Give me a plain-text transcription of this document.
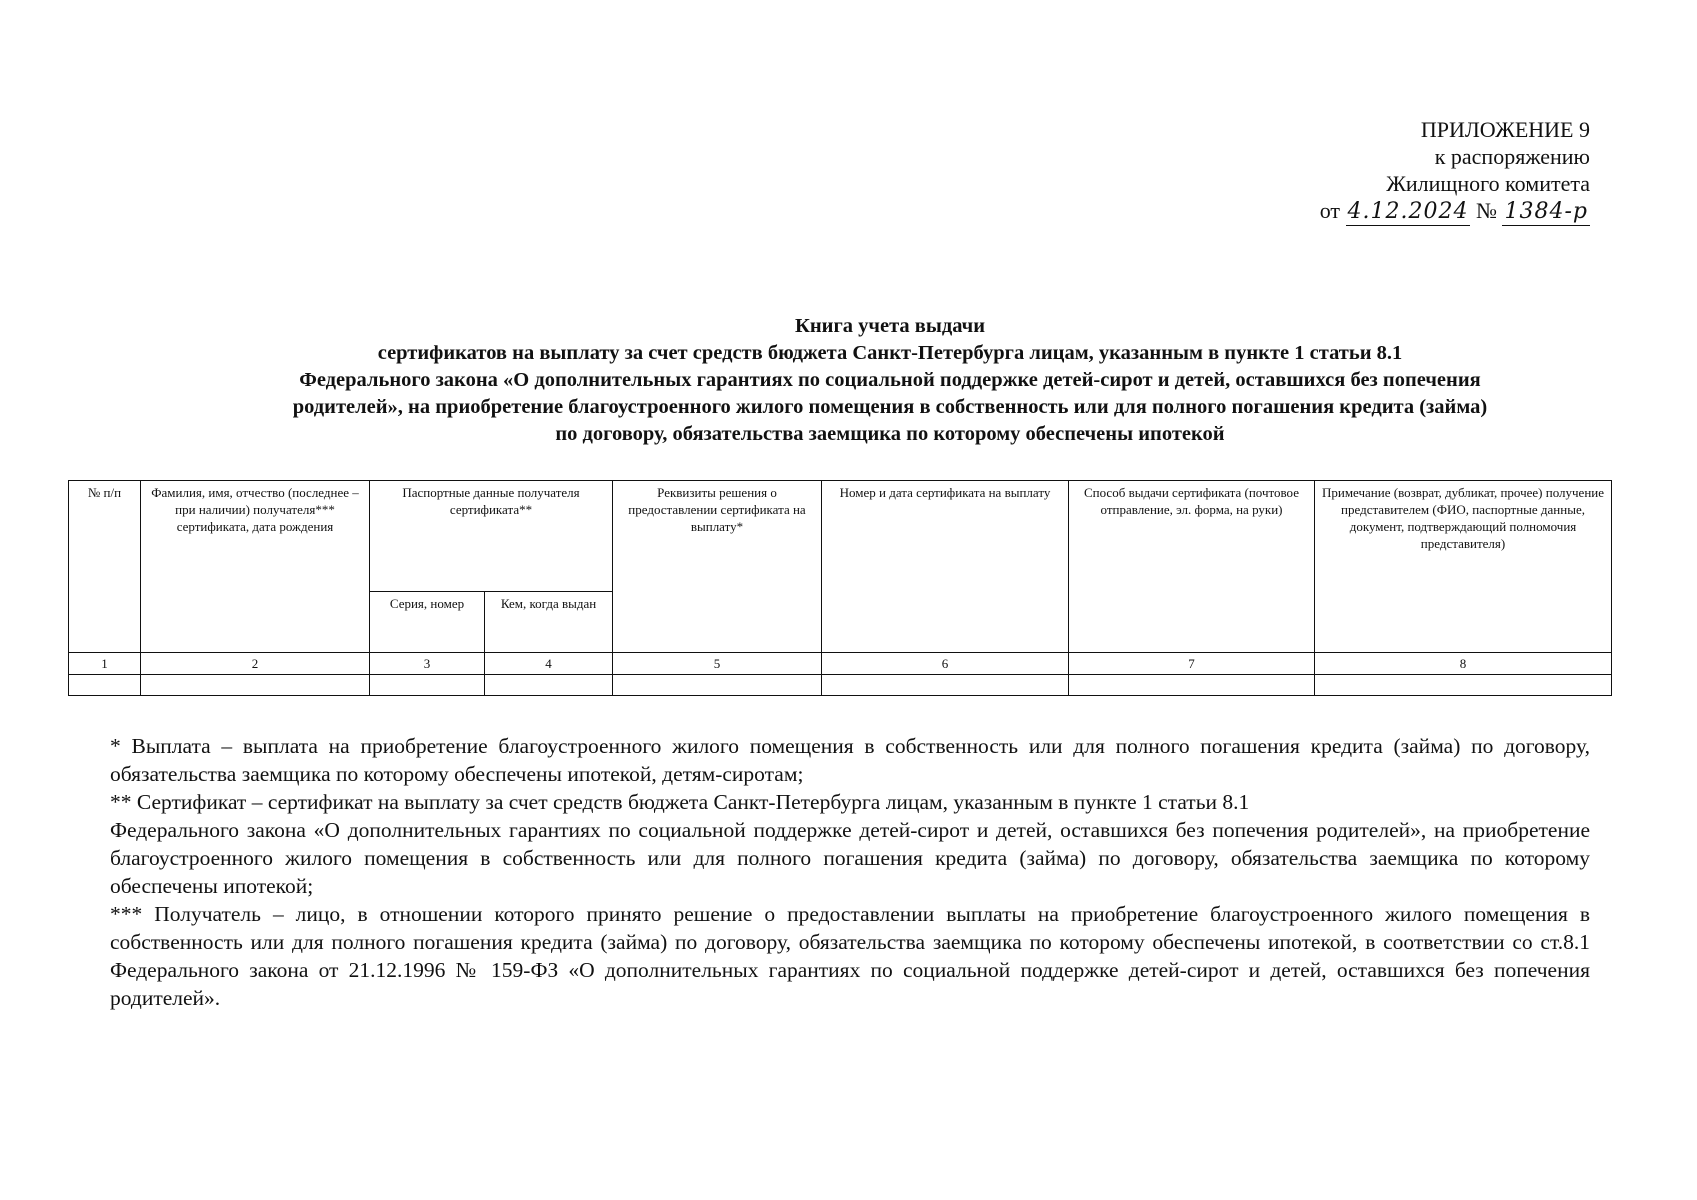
ПРИЛОЖЕНИЕ 9
к распоряжению
Жилищного комитета
от 4.12.2024 № 1384-р
Книга учета выдачи
сертификатов на выплату за счет средств бюджета Санкт-Петербурга лицам, указанным в пункте 1 статьи 8.1
Федерального закона «О дополнительных гарантиях по социальной поддержке детей-сирот и детей, оставшихся без попечения
родителей», на приобретение благоустроенного жилого помещения в собственность или для полного погашения кредита (займа)
по договору, обязательства заемщика по которому обеспечены ипотекой
№ п/п	Фамилия, имя, отчество (последнее – при наличии) получателя*** сертификата, дата рождения	Паспортные данные получателя сертификата**		Реквизиты решения о предоставлении сертификата на выплату*	Номер и дата сертификата на выплату	Способ выдачи сертификата (почтовое отправление, эл. форма, на руки)	Примечание (возврат, дубликат, прочее) получение представителем (ФИО, паспортные данные, документ, подтверждающий полномочия представителя)
		Серия, номер	Кем, когда выдан				
1	2	3	4	5	6	7	8

* Выплата – выплата на приобретение благоустроенного жилого помещения в собственность или для полного погашения кредита (займа) по договору, обязательства заемщика по которому обеспечены ипотекой, детям-сиротам;

** Сертификат – сертификат на выплату за счет средств бюджета Санкт-Петербурга лицам, указанным в пункте 1 статьи 8.1

Федерального закона «О дополнительных гарантиях по социальной поддержке детей-сирот и детей, оставшихся без попечения родителей», на приобретение благоустроенного жилого помещения в собственность или для полного погашения кредита (займа) по договору, обязательства заемщика по которому обеспечены ипотекой;

*** Получатель – лицо, в отношении которого принято решение о предоставлении выплаты на приобретение благоустроенного жилого помещения в собственность или для полного погашения кредита (займа) по договору, обязательства заемщика по которому обеспечены ипотекой, в соответствии со ст.8.1 Федерального закона от 21.12.1996 № 159-ФЗ «О дополнительных гарантиях по социальной поддержке детей-сирот и детей, оставшихся без попечения родителей».
